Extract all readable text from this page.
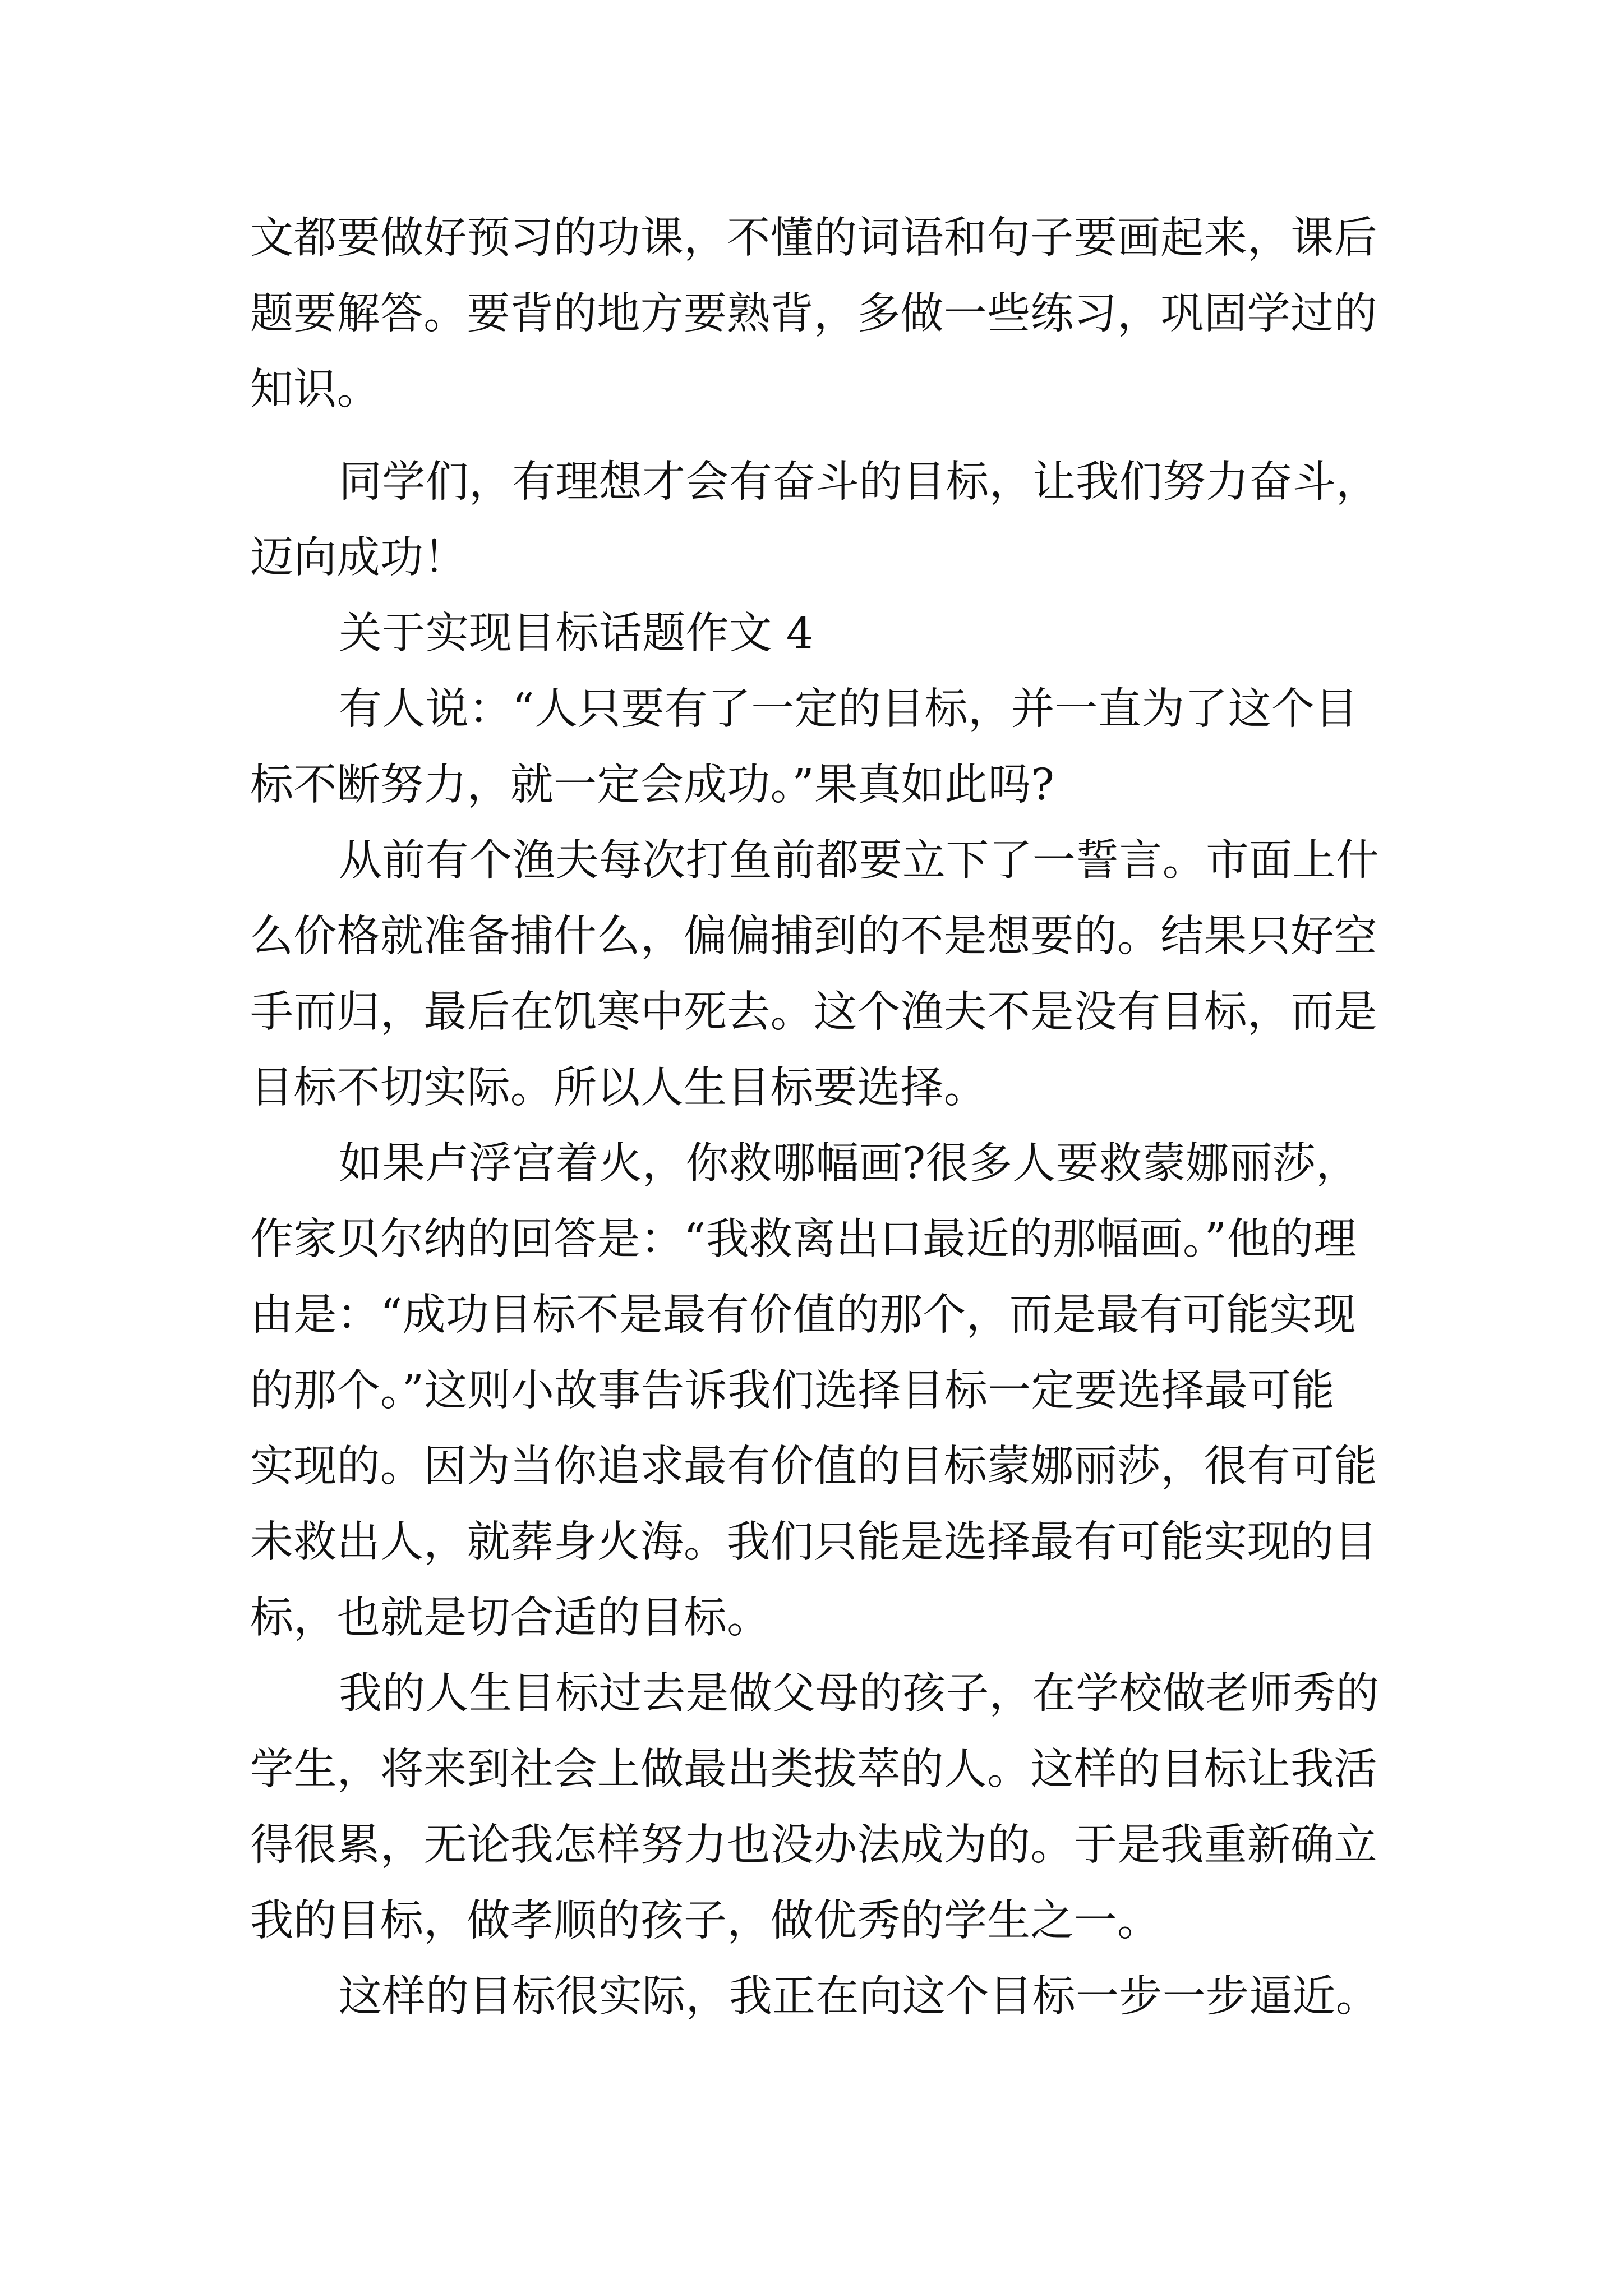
文都要做好预习的功课，不懂的词语和句子要画起来，课后
题要解答。要背的地方要熟背，多做一些练习，巩固学过的
知识。
同学们，有理想才会有奋斗的目标，让我们努力奋斗，
迈向成功！
关于实现目标话题作文 4
有人说：“人只要有了一定的目标，并一直为了这个目
标不断努力，就一定会成功。”果真如此吗?
从前有个渔夫每次打鱼前都要立下了一誓言。市面上什
么价格就准备捕什么，偏偏捕到的不是想要的。结果只好空
手而归，最后在饥寒中死去。这个渔夫不是没有目标，而是
目标不切实际。所以人生目标要选择。
如果卢浮宫着火，你救哪幅画?很多人要救蒙娜丽莎，
作家贝尔纳的回答是：“我救离出口最近的那幅画。”他的理
由是：“成功目标不是最有价值的那个，而是最有可能实现
的那个。”这则小故事告诉我们选择目标一定要选择最可能
实现的。因为当你追求最有价值的目标蒙娜丽莎，很有可能
未救出人，就葬身火海。我们只能是选择最有可能实现的目
标，也就是切合适的目标。
我的人生目标过去是做父母的孩子，在学校做老师秀的
学生，将来到社会上做最出类拔萃的人。这样的目标让我活
得很累，无论我怎样努力也没办法成为的。于是我重新确立
我的目标，做孝顺的孩子，做优秀的学生之一。
这样的目标很实际，我正在向这个目标一步一步逼近。
